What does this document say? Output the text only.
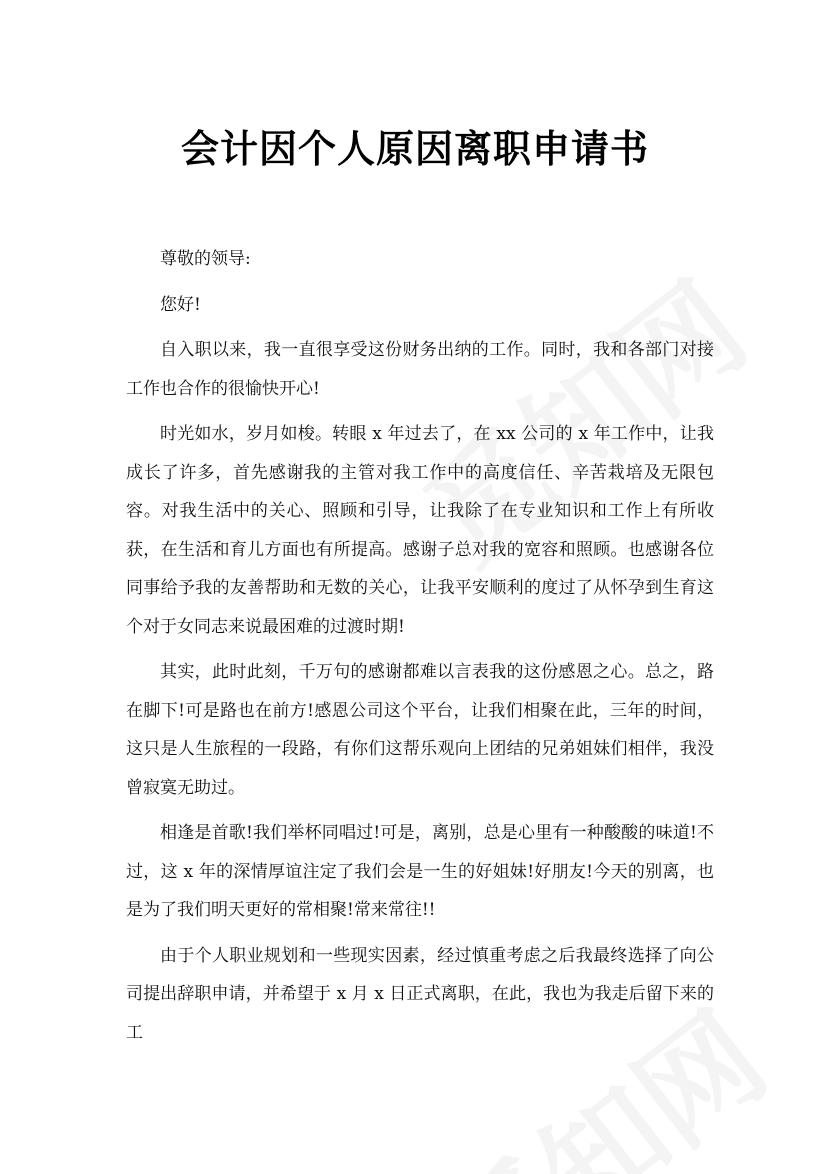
会计因个人原因离职申请书

尊敬的领导:

您好!

自入职以来，我一直很享受这份财务出纳的工作。同时，我和各部门对接工作也合作的很愉快开心!

时光如水，岁月如梭。转眼 x 年过去了，在 xx 公司的 x 年工作中，让我成长了许多，首先感谢我的主管对我工作中的高度信任、辛苦栽培及无限包容。对我生活中的关心、照顾和引导，让我除了在专业知识和工作上有所收获，在生活和育儿方面也有所提高。感谢子总对我的宽容和照顾。也感谢各位同事给予我的友善帮助和无数的关心，让我平安顺利的度过了从怀孕到生育这个对于女同志来说最困难的过渡时期!

其实，此时此刻，千万句的感谢都难以言表我的这份感恩之心。总之，路在脚下!可是路也在前方!感恩公司这个平台，让我们相聚在此，三年的时间，这只是人生旅程的一段路，有你们这帮乐观向上团结的兄弟姐妹们相伴，我没曾寂寞无助过。

相逢是首歌!我们举杯同唱过!可是，离别，总是心里有一种酸酸的味道!不过，这 x 年的深情厚谊注定了我们会是一生的好姐妹!好朋友!今天的别离，也是为了我们明天更好的常相聚!常来常往!!

由于个人职业规划和一些现实因素，经过慎重考虑之后我最终选择了向公司提出辞职申请，并希望于 x 月 x 日正式离职，在此，我也为我走后留下来的工
